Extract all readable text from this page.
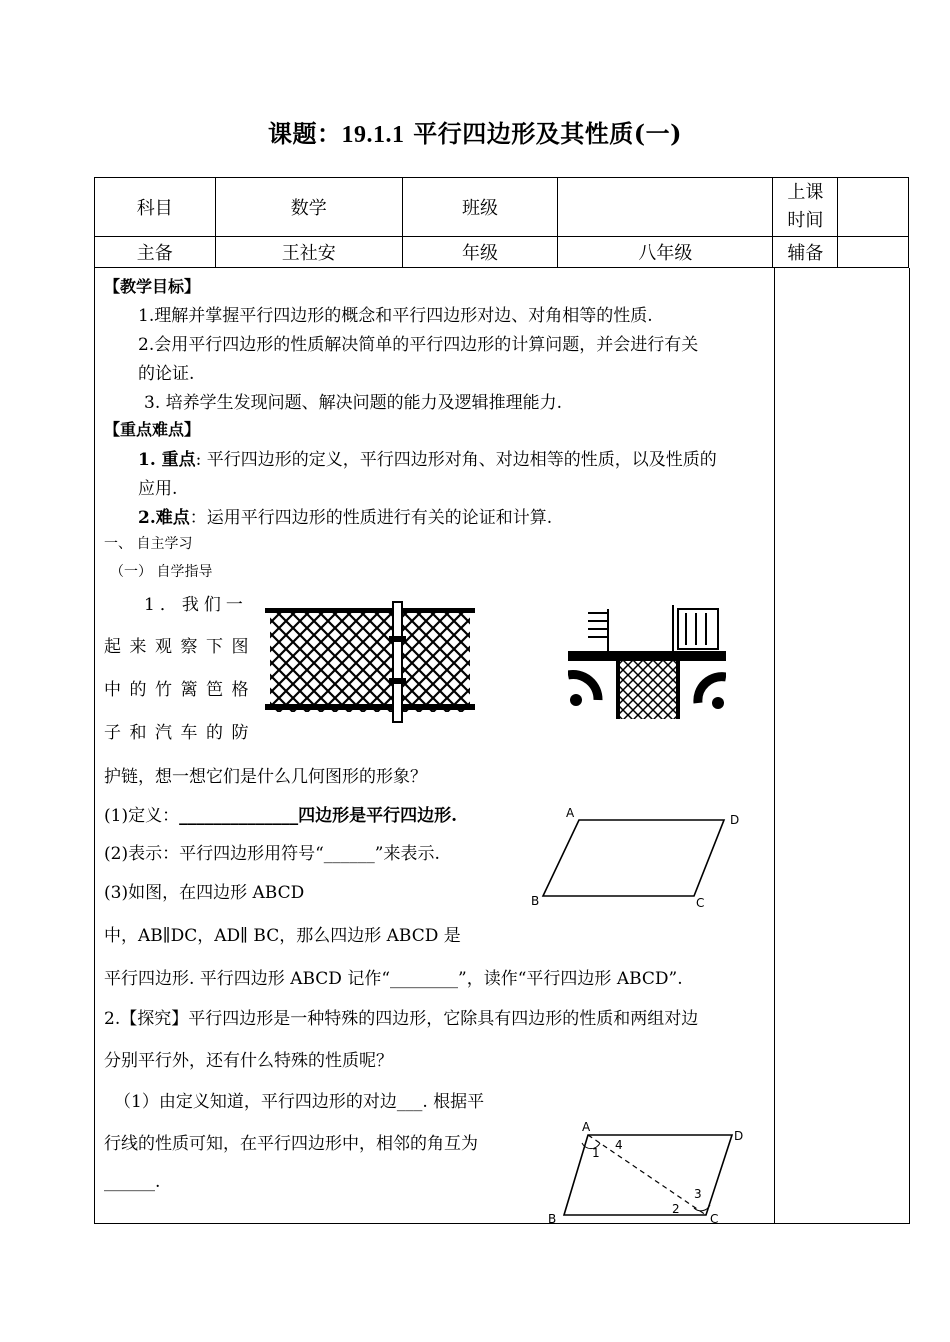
课题：19.1.1 平行四边形及其性质(一)
科目	数学	班级		上课
时间	

主备	王社安	年级	八年级	辅备	
【教学目标】
1.理解并掌握平行四边形的概念和平行四边形对边、对角相等的性质.
2.会用平行四边形的性质解决简单的平行四边形的计算问题，并会进行有关
的论证.
3. 培养学生发现问题、解决问题的能力及逻辑推理能力.
【重点难点】
1. 重点: 平行四边形的定义，平行四边形对角、对边相等的性质，以及性质的
应用.
2.难点：运用平行四边形的性质进行有关的论证和计算.
一、 自主学习
（一） 自学指导
1．我们一
起来观察下图
中的竹篱笆格
子和汽车的防
护链，想一想它们是什么几何图形的形象？
(1)定义：______________四边形是平行四边形.
(2)表示：平行四边形用符号“______”来表示.
(3)如图，在四边形 ABCD
中，AB∥DC，AD∥ BC，那么四边形 ABCD 是
平行四边形. 平行四边形 ABCD 记作“________”，读作“平行四边形 ABCD”.
A	D
B	C
2.【探究】平行四边形是一种特殊的四边形，它除具有四边形的性质和两组对边
分别平行外，还有什么特殊的性质呢？
（1）由定义知道，平行四边形的对边___. 根据平
行线的性质可知，在平行四边形中，相邻的角互为
______.
A
D
B	C
1
4
2
3
